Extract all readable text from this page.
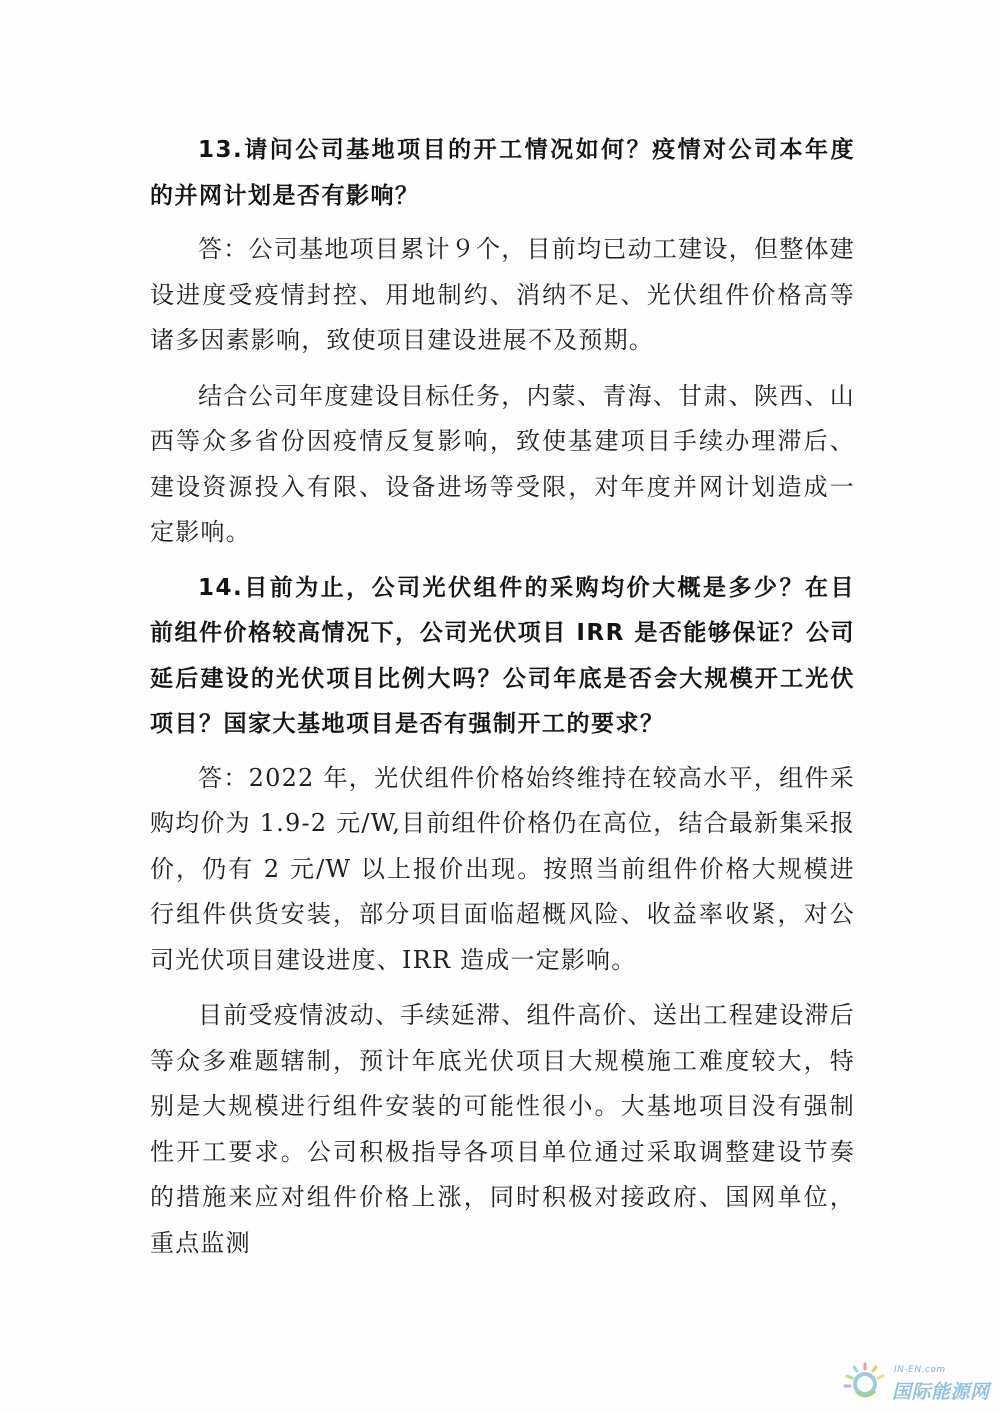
13.请问公司基地项目的开工情况如何？疫情对公司本年度的并网计划是否有影响？

答：公司基地项目累计９个，目前均已动工建设，但整体建设进度受疫情封控、用地制约、消纳不足、光伏组件价格高等诸多因素影响，致使项目建设进展不及预期。

结合公司年度建设目标任务，内蒙、青海、甘肃、陕西、山西等众多省份因疫情反复影响，致使基建项目手续办理滞后、建设资源投入有限、设备进场等受限，对年度并网计划造成一定影响。

14.目前为止，公司光伏组件的采购均价大概是多少？在目前组件价格较高情况下，公司光伏项目 IRR 是否能够保证？公司延后建设的光伏项目比例大吗？公司年底是否会大规模开工光伏项目？国家大基地项目是否有强制开工的要求？

答：2022 年，光伏组件价格始终维持在较高水平，组件采购均价为 1.9-2 元/W,目前组件价格仍在高位，结合最新集采报价，仍有 2 元/W 以上报价出现。按照当前组件价格大规模进行组件供货安装，部分项目面临超概风险、收益率收紧，对公司光伏项目建设进度、IRR 造成一定影响。

目前受疫情波动、手续延滞、组件高价、送出工程建设滞后等众多难题辖制，预计年底光伏项目大规模施工难度较大，特别是大规模进行组件安装的可能性很小。大基地项目没有强制性开工要求。公司积极指导各项目单位通过采取调整建设节奏的措施来应对组件价格上涨，同时积极对接政府、国网单位，重点监测

IN-EN.com
国际能源网
